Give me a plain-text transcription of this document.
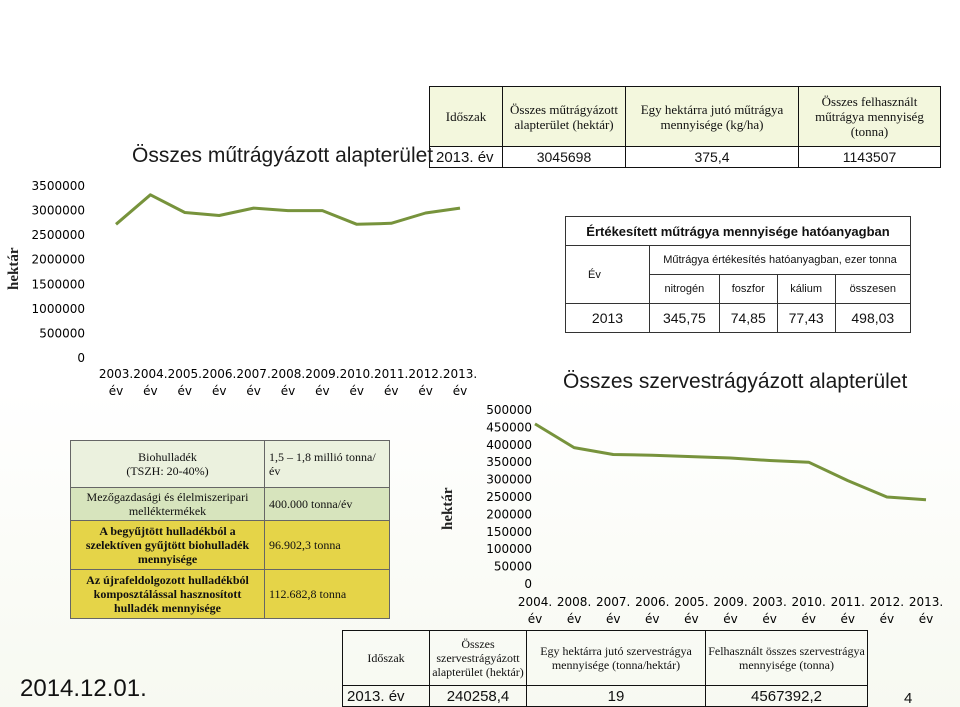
Időszak	Összes műtrágyázott alapterület (hektár)	Egy hektárra jutó műtrágya mennyisége (kg/ha)	Összes felhasznált műtrágya mennyiség (tonna)
2013. év	3045698	375,4	1143507
Összes műtrágyázott alapterület
hektár
3500000
3000000
2500000
2000000
1500000
1000000
500000
0
2003. év
2004. év
2005. év
2006. év
2007. év
2008. év
2009. év
2010. év
2011. év
2012. év
2013. év
Értékesített műtrágya mennyisége hatóanyagban				
Év	Műtrágya értékesítés hatóanyagban, ezer tonna			
	nitrogén	foszfor	kálium	összesen
2013	345,75	74,85	77,43	498,03
Összes szervestrágyázott alapterület
hektár
500000
450000
400000
350000
300000
250000
200000
150000
100000
50000
0
2004. év
2008. év
2007. év
2006. év
2005. év
2009. év
2003. év
2010. év
2011. év
2012. év
2013. év
Biohulladék
(TSZH: 20-40%)	1,5 – 1,8 millió tonna/év
Mezőgazdasági és élelmiszeripari melléktermékek	400.000 tonna/év
A begyűjtött hulladékból a szelektíven gyűjtött biohulladék mennyisége	96.902,3 tonna
Az újrafeldolgozott hulladékból komposztálással hasznosított hulladék mennyisége	112.682,8 tonna
Időszak	Összes szervestrágyázott alapterület (hektár)	Egy hektárra jutó szervestrágya mennyisége (tonna/hektár)	Felhasznált összes szervestrágya mennyisége (tonna)
2013. év	240258,4	19	4567392,2
2014.12.01.	4
